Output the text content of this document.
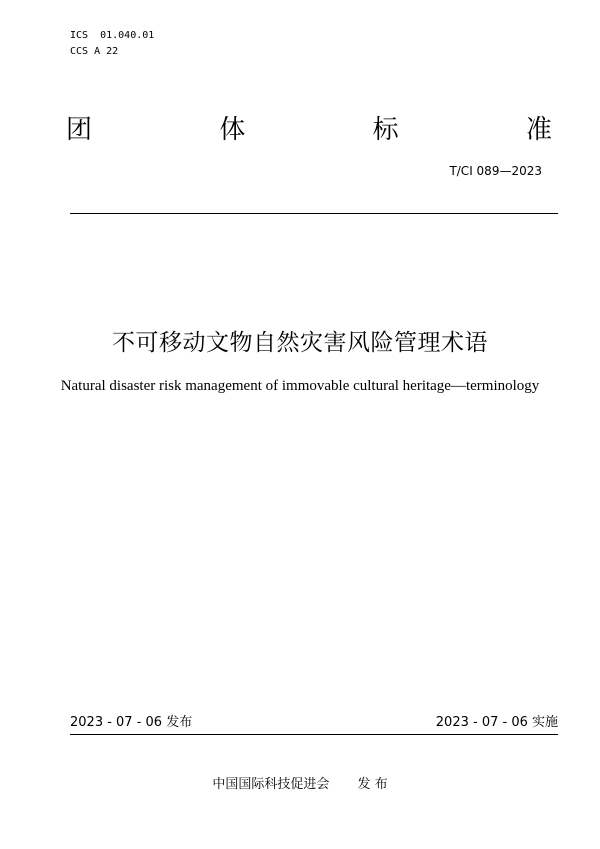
ICS  01.040.01
CCS A 22
团	体	标	准
T/CI 089—2023
不可移动文物自然灾害风险管理术语
Natural disaster risk management of immovable cultural heritage—terminology
2023 - 07 - 06 发布	2023 - 07 - 06 实施
中国国际科技促进会 发 布
